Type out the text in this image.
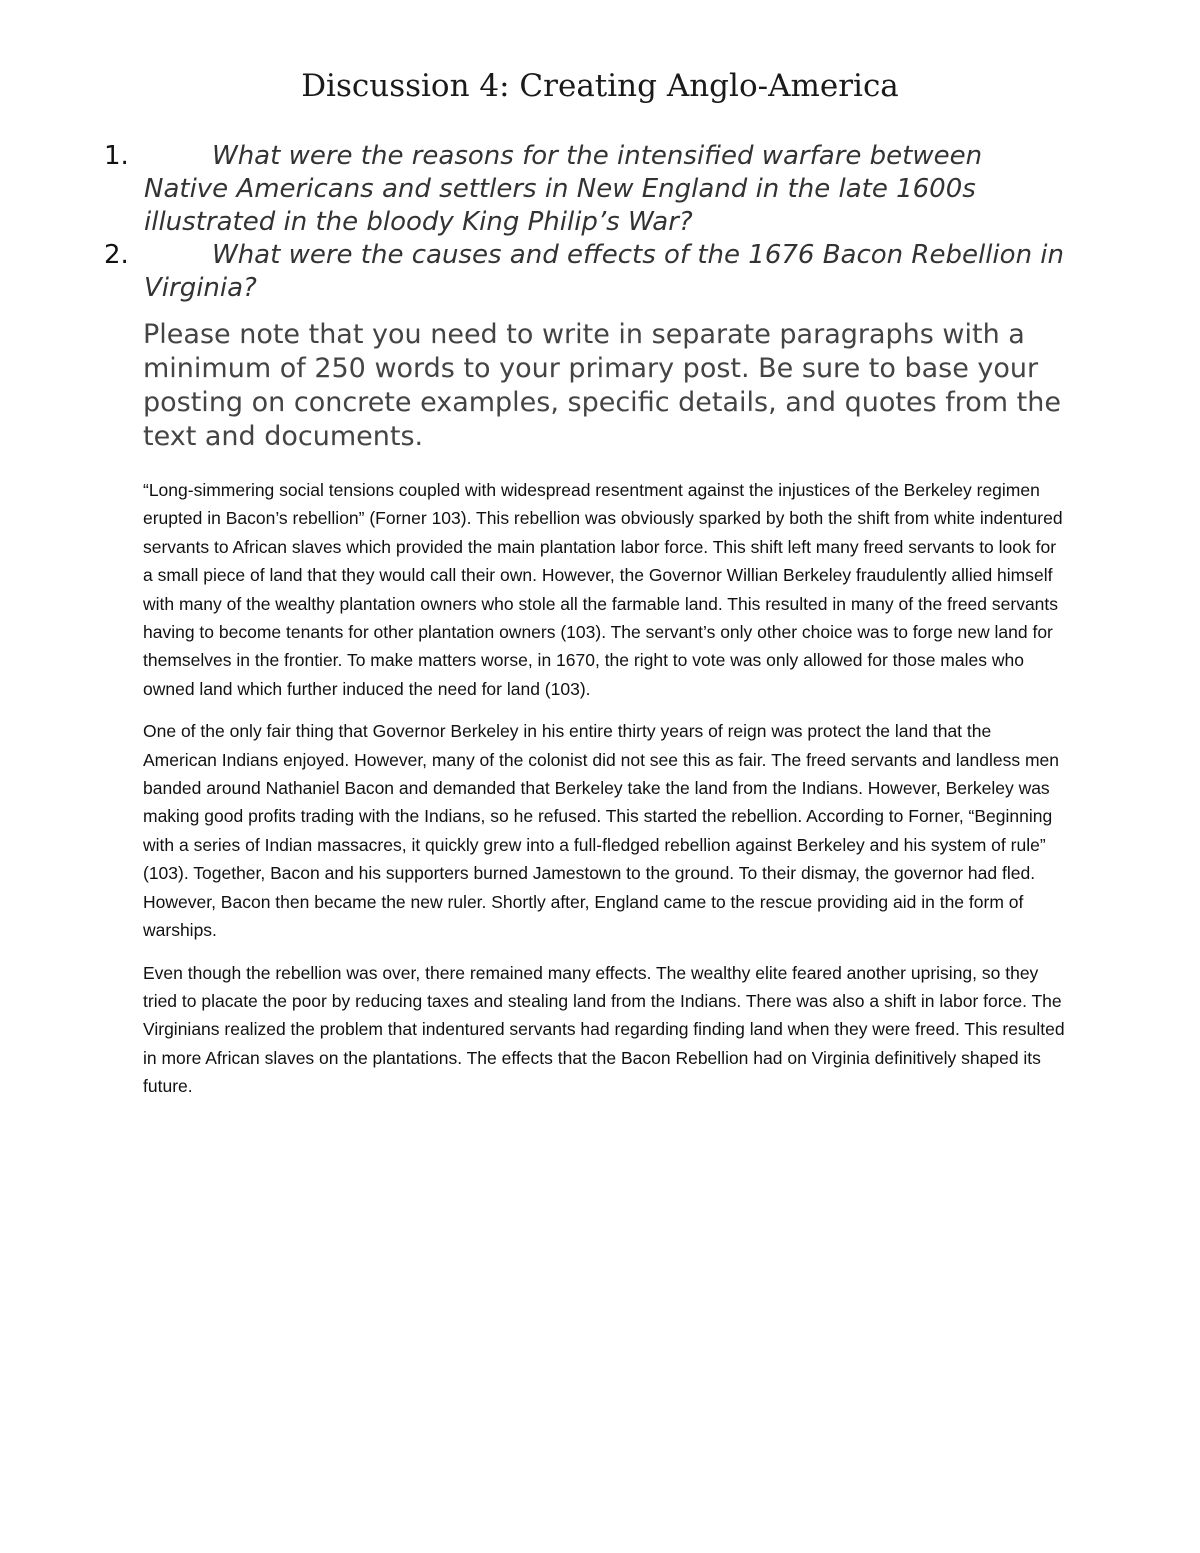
Discussion 4: Creating Anglo-America
1.	What were the reasons for the intensified warfare between Native Americans and settlers in New England in the late 1600s illustrated in the bloody King Philip’s War?
2.	What were the causes and effects of the 1676 Bacon Rebellion in Virginia?

Please note that you need to write in separate paragraphs with a minimum of 250 words to your primary post. Be sure to base your posting on concrete examples, specific details, and quotes from the text and documents.

“Long-simmering social tensions coupled with widespread resentment against the injustices of the Berkeley regimen erupted in Bacon’s rebellion” (Forner 103). This rebellion was obviously sparked by both the shift from white indentured servants to African slaves which provided the main plantation labor force. This shift left many freed servants to look for a small piece of land that they would call their own. However, the Governor Willian Berkeley fraudulently allied himself with many of the wealthy plantation owners who stole all the farmable land. This resulted in many of the freed servants having to become tenants for other plantation owners (103). The servant’s only other choice was to forge new land for themselves in the frontier. To make matters worse, in 1670, the right to vote was only allowed for those males who owned land which further induced the need for land (103).

One of the only fair thing that Governor Berkeley in his entire thirty years of reign was protect the land that the American Indians enjoyed. However, many of the colonist did not see this as fair. The freed servants and landless men banded around Nathaniel Bacon and demanded that Berkeley take the land from the Indians. However, Berkeley was making good profits trading with the Indians, so he refused. This started the rebellion. According to Forner, “Beginning with a series of Indian massacres, it quickly grew into a full-fledged rebellion against Berkeley and his system of rule” (103). Together, Bacon and his supporters burned Jamestown to the ground. To their dismay, the governor had fled. However, Bacon then became the new ruler. Shortly after, England came to the rescue providing aid in the form of warships.

Even though the rebellion was over, there remained many effects. The wealthy elite feared another uprising, so they tried to placate the poor by reducing taxes and stealing land from the Indians. There was also a shift in labor force. The Virginians realized the problem that indentured servants had regarding finding land when they were freed. This resulted in more African slaves on the plantations. The effects that the Bacon Rebellion had on Virginia definitively shaped its future.
